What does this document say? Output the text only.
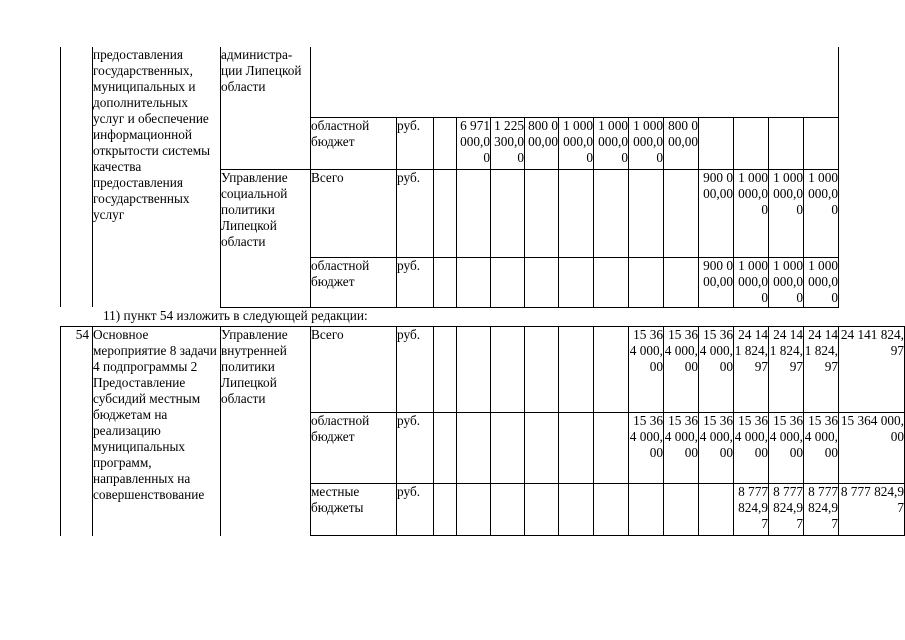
	предоставления государственных, муниципальных и дополнительных услуг и обеспечение информационной открытости системы качества предоставления государственных услуг	администра-ции Липецкой области														
			областной бюджет	руб.		6 971 000,00	1 225 300,00	800 000,00	1 000 000,00	1 000 000,00	1 000 000,00	800 000,00				
		Управление социальной политики Липецкой области	Всего	руб.									900 000,00	1 000 000,00	1 000 000,00	1 000 000,00
			областной бюджет	руб.									900 000,00	1 000 000,00	1 000 000,00	1 000 000,00
11) пункт 54 изложить в следующей редакции:
54	Основное мероприятие 8 задачи 4 подпрограммы 2 Предоставление субсидий местным бюджетам на реализацию муниципальных программ, направленных на совершенствование	Управление внутренней политики Липецкой области	Всего	руб.							15 364 000,00	15 364 000,00	15 364 000,00	24 141 824,97	24 141 824,97	24 141 824,97	24 141 824,97
			областной бюджет	руб.							15 364 000,00	15 364 000,00	15 364 000,00	15 364 000,00	15 364 000,00	15 364 000,00	15 364 000,00
			местные бюджеты	руб.										8 777 824,97	8 777 824,97	8 777 824,97	8 777 824,97
